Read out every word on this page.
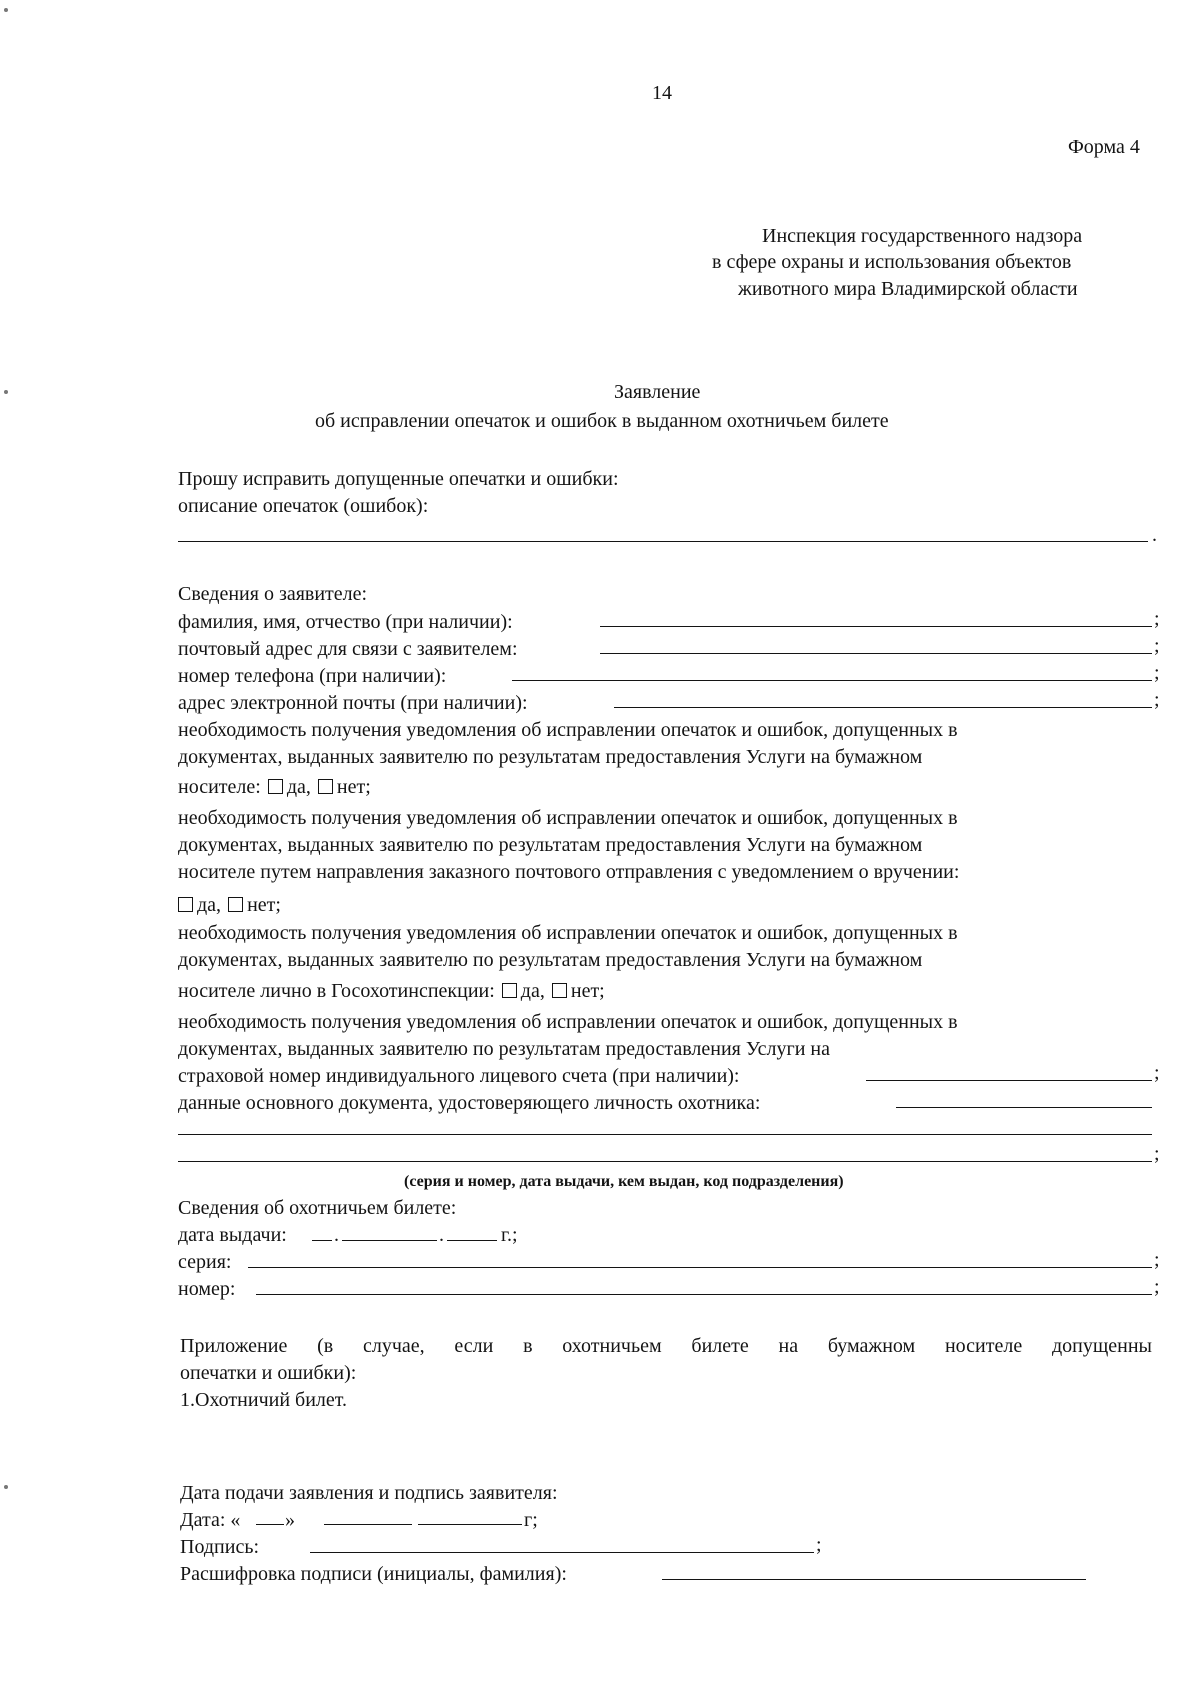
14
Форма 4
Инспекция государственного надзора
в сфере охраны и использования объектов
животного мира Владимирской области
Заявление
об исправлении опечаток и ошибок в выданном охотничьем билете
Прошу исправить допущенные опечатки и ошибки:
описание опечаток (ошибок):
.
Сведения о заявителе:
фамилия, имя, отчество (при наличии):	;
почтовый адрес для связи с заявителем:	;
номер телефона (при наличии):	;
адрес электронной почты (при наличии):	;
необходимость получения уведомления об исправлении опечаток и ошибок, допущенных в
документах, выданных заявителю по результатам предоставления Услуги на бумажном
носителе: да, нет;
необходимость получения уведомления об исправлении опечаток и ошибок, допущенных в
документах, выданных заявителю по результатам предоставления Услуги на бумажном
носителе путем направления заказного почтового отправления с уведомлением о вручении:
да, нет;
необходимость получения уведомления об исправлении опечаток и ошибок, допущенных в
документах, выданных заявителю по результатам предоставления Услуги на бумажном
носителе лично в Госохотинспекции: да, нет;
необходимость получения уведомления об исправлении опечаток и ошибок, допущенных в
документах, выданных заявителю по результатам предоставления Услуги на
страховой номер индивидуального лицевого счета (при наличии):	;
данные основного документа, удостоверяющего личность охотника:
;
(серия и номер, дата выдачи, кем выдан, код подразделения)
Сведения об охотничьем билете:
дата выдачи: .	.	г.;
серия:	;
номер:	;
Приложение (в случае, если в охотничьем билете на бумажном носителе допущенны
опечатки и ошибки):
1.Охотничий билет.
Дата подачи заявления и подпись заявителя:
Дата: « »	г;
Подпись:	;
Расшифровка подписи (инициалы, фамилия):
